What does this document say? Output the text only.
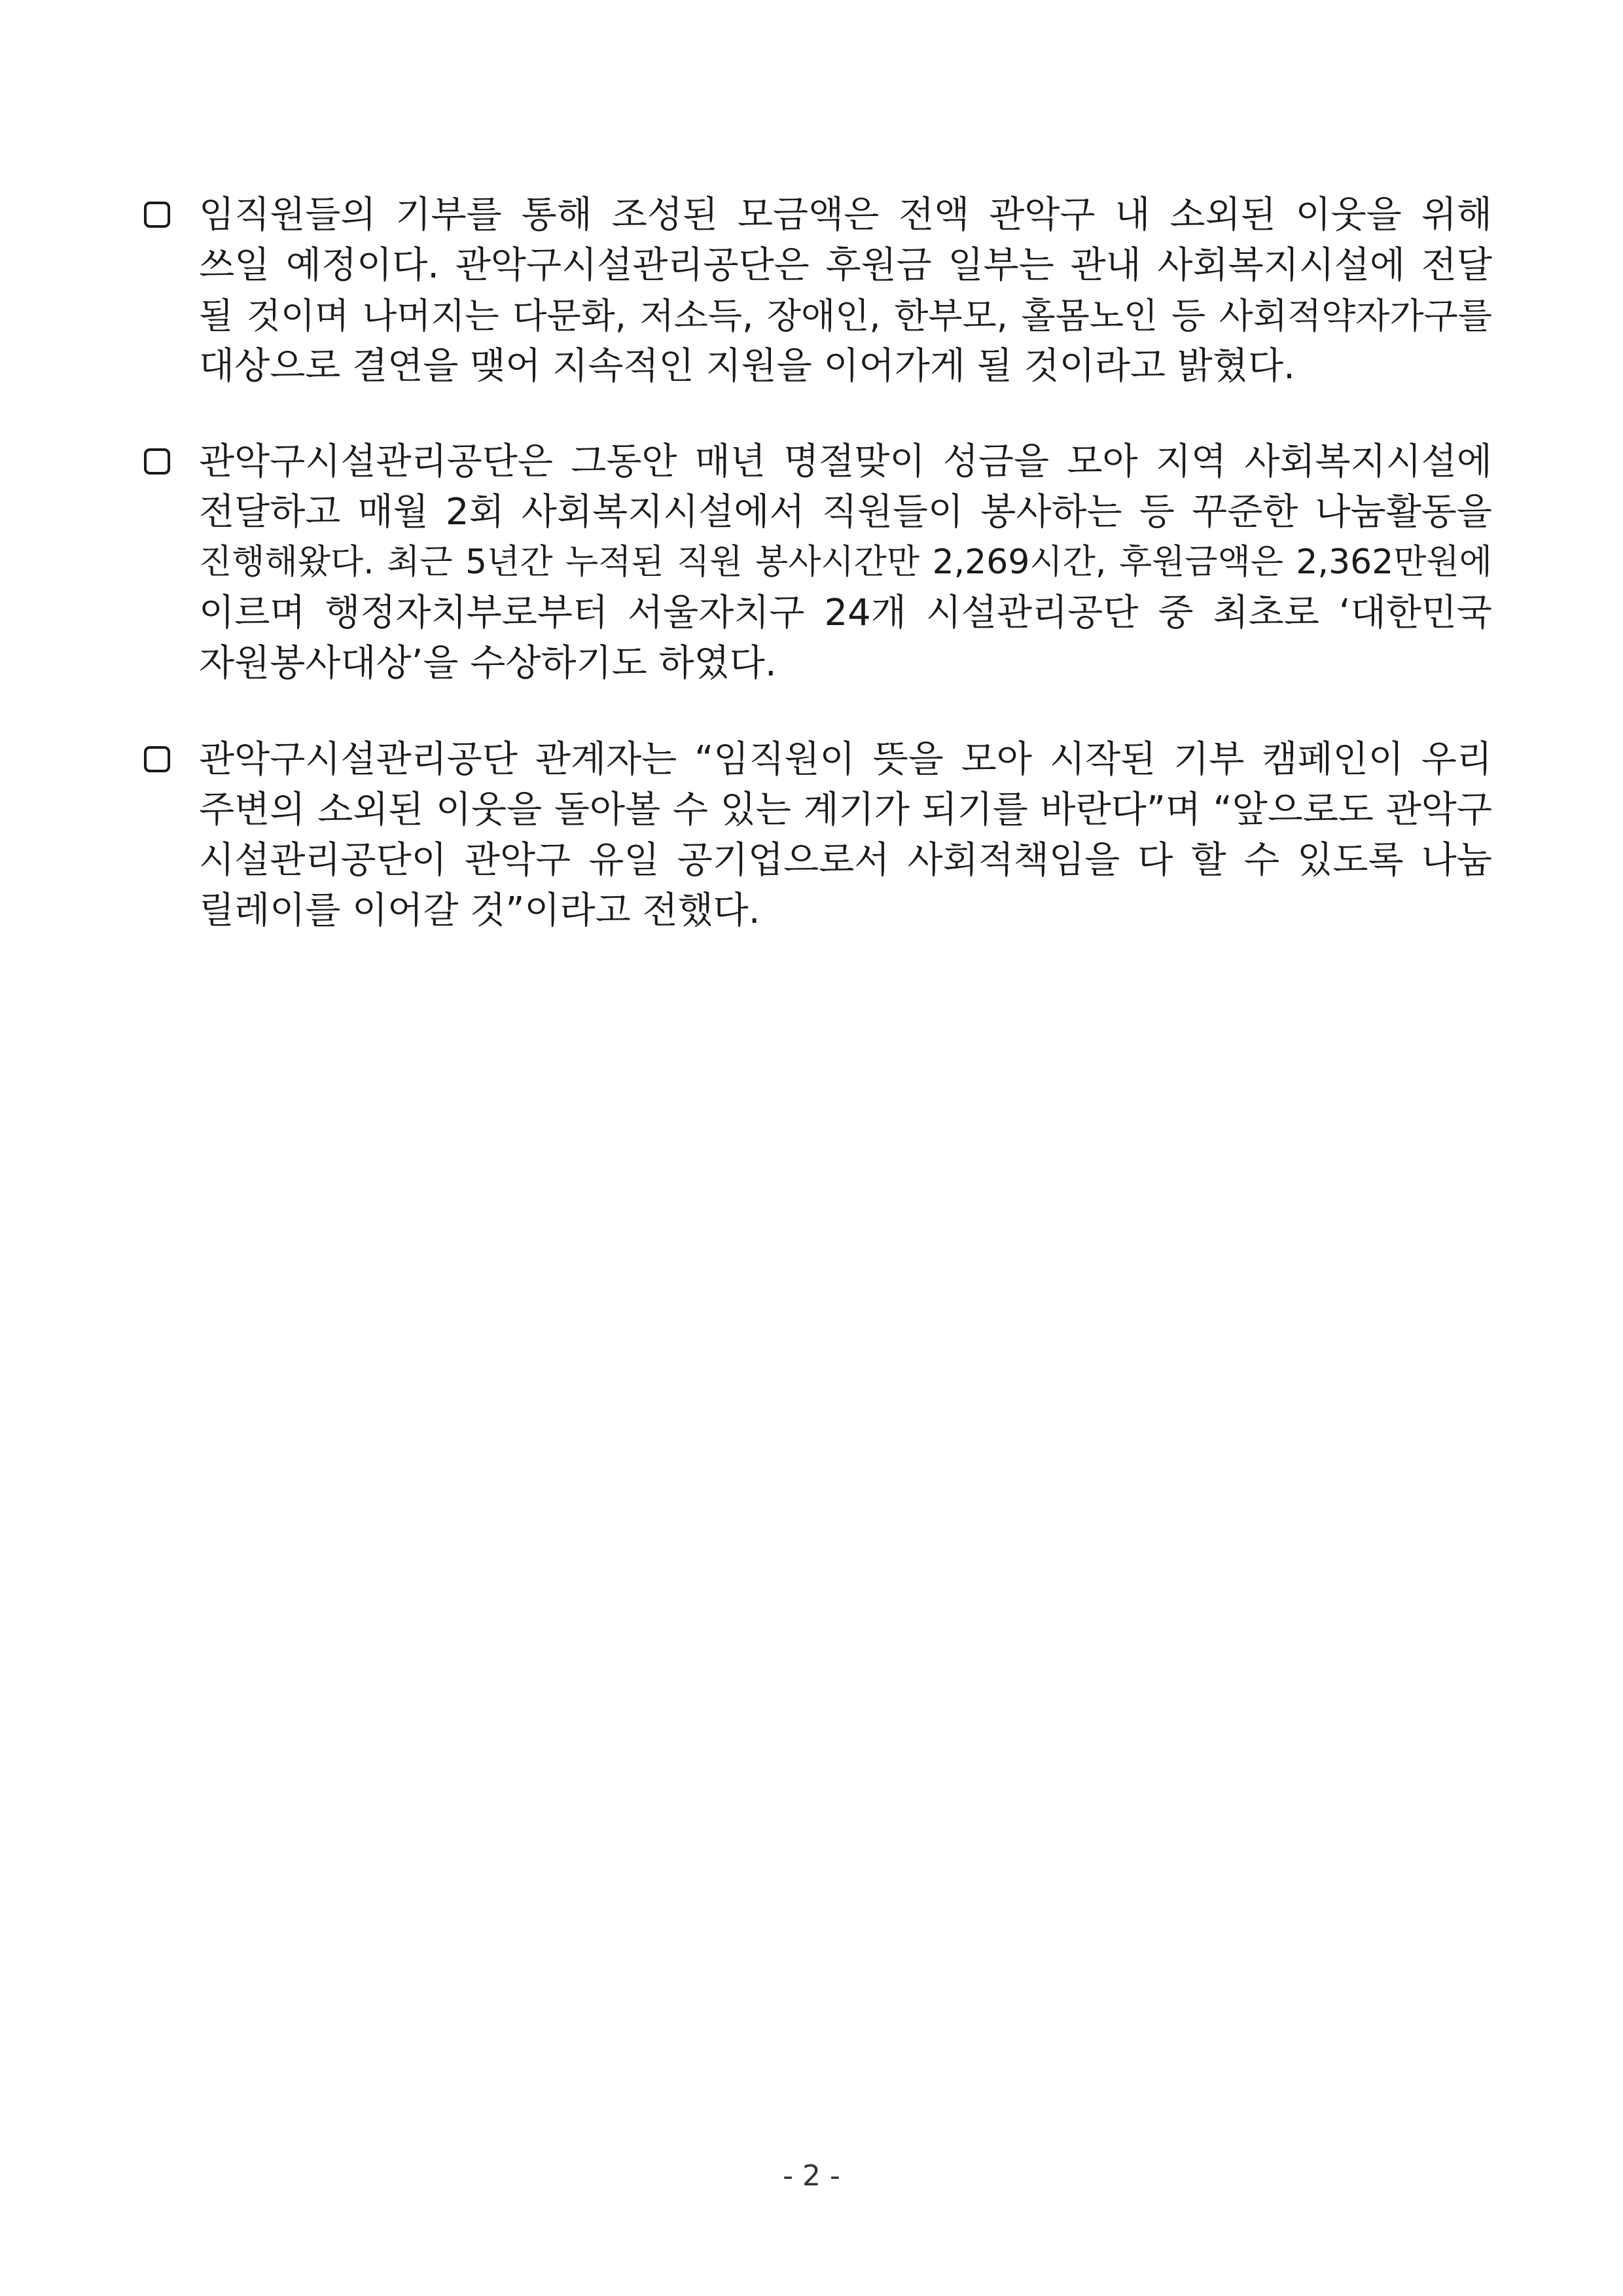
임직원들의 기부를 통해 조성된 모금액은 전액 관악구 내 소외된 이웃을 위해
쓰일 예정이다. 관악구시설관리공단은 후원금 일부는 관내 사회복지시설에 전달
될 것이며 나머지는 다문화, 저소득, 장애인, 한부모, 홀몸노인 등 사회적약자가구를
대상으로 결연을 맺어 지속적인 지원을 이어가게 될 것이라고 밝혔다.
관악구시설관리공단은 그동안 매년 명절맞이 성금을 모아 지역 사회복지시설에
전달하고 매월 2회 사회복지시설에서 직원들이 봉사하는 등 꾸준한 나눔활동을
진행해왔다. 최근 5년간 누적된 직원 봉사시간만 2,269시간, 후원금액은 2,362만원에
이르며 행정자치부로부터 서울자치구 24개 시설관리공단 중 최초로 ‘대한민국
자원봉사대상’을 수상하기도 하였다.
관악구시설관리공단 관계자는 “임직원이 뜻을 모아 시작된 기부 캠페인이 우리
주변의 소외된 이웃을 돌아볼 수 있는 계기가 되기를 바란다”며 “앞으로도 관악구
시설관리공단이 관악구 유일 공기업으로서 사회적책임을 다 할 수 있도록 나눔
릴레이를 이어갈 것”이라고 전했다.
- 2 -
